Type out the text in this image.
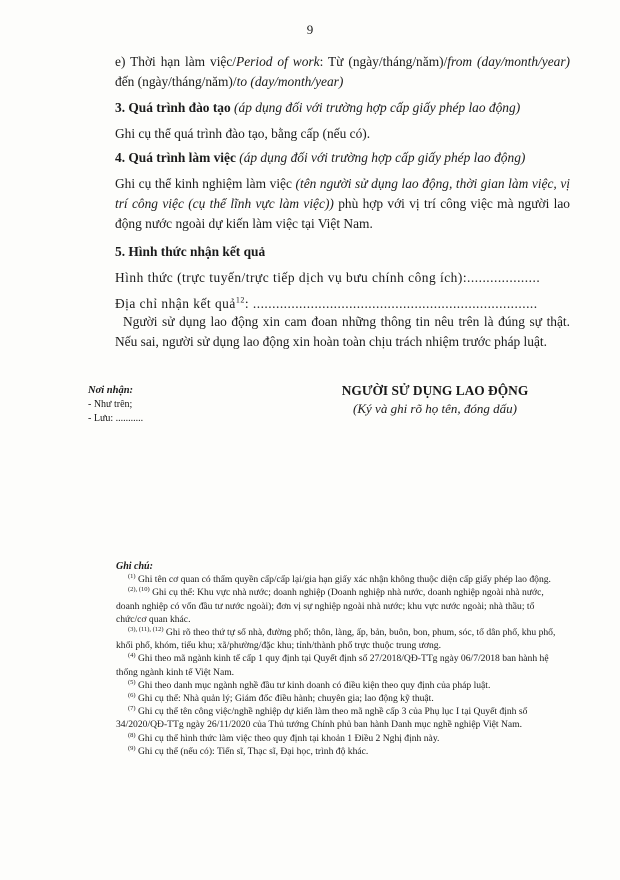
9

e) Thời hạn làm việc/Period of work: Từ (ngày/tháng/năm)/from (day/month/year) đến (ngày/tháng/năm)/to (day/month/year)

3. Quá trình đào tạo (áp dụng đối với trường hợp cấp giấy phép lao động)

Ghi cụ thể quá trình đào tạo, bằng cấp (nếu có).

4. Quá trình làm việc (áp dụng đối với trường hợp cấp giấy phép lao động)

Ghi cụ thể kinh nghiệm làm việc (tên người sử dụng lao động, thời gian làm việc, vị trí công việc (cụ thể lĩnh vực làm việc)) phù hợp với vị trí công việc mà người lao động nước ngoài dự kiến làm việc tại Việt Nam.

5. Hình thức nhận kết quả

Hình thức (trực tuyến/trực tiếp dịch vụ bưu chính công ích):...................

Địa chỉ nhận kết quả$^{12}$: ..........................................................................

Người sử dụng lao động xin cam đoan những thông tin nêu trên là đúng sự thật. Nếu sai, người sử dụng lao động xin hoàn toàn chịu trách nhiệm trước pháp luật.

Nơi nhận:
- Như trên;
- Lưu: ...........
NGƯỜI SỬ DỤNG LAO ĐỘNG
(Ký và ghi rõ họ tên, đóng dấu)
Ghi chú:

$^{(1)}$ Ghi tên cơ quan có thẩm quyền cấp/cấp lại/gia hạn giấy xác nhận không thuộc diện cấp giấy phép lao động.

$^{(2), (10)}$ Ghi cụ thể: Khu vực nhà nước; doanh nghiệp (Doanh nghiệp nhà nước, doanh nghiệp ngoài nhà nước, doanh nghiệp có vốn đầu tư nước ngoài); đơn vị sự nghiệp ngoài nhà nước; khu vực nước ngoài; nhà thầu; tổ chức/cơ quan khác.

$^{(3), (11), (12)}$ Ghi rõ theo thứ tự số nhà, đường phố; thôn, làng, ấp, bản, buôn, bon, phum, sóc, tổ dân phố, khu phố, khối phố, khóm, tiểu khu; xã/phường/đặc khu; tỉnh/thành phố trực thuộc trung ương.

$^{(4)}$ Ghi theo mã ngành kinh tế cấp 1 quy định tại Quyết định số 27/2018/QĐ-TTg ngày 06/7/2018 ban hành hệ thống ngành kinh tế Việt Nam.

$^{(5)}$ Ghi theo danh mục ngành nghề đầu tư kinh doanh có điều kiện theo quy định của pháp luật.

$^{(6)}$ Ghi cụ thể: Nhà quản lý; Giám đốc điều hành; chuyên gia; lao động kỹ thuật.

$^{(7)}$ Ghi cụ thể tên công việc/nghề nghiệp dự kiến làm theo mã nghề cấp 3 của Phụ lục I tại Quyết định số 34/2020/QĐ-TTg ngày 26/11/2020 của Thủ tướng Chính phủ ban hành Danh mục nghề nghiệp Việt Nam.

$^{(8)}$ Ghi cụ thể hình thức làm việc theo quy định tại khoản 1 Điều 2 Nghị định này.

$^{(9)}$ Ghi cụ thể (nếu có): Tiến sĩ, Thạc sĩ, Đại học, trình độ khác.
